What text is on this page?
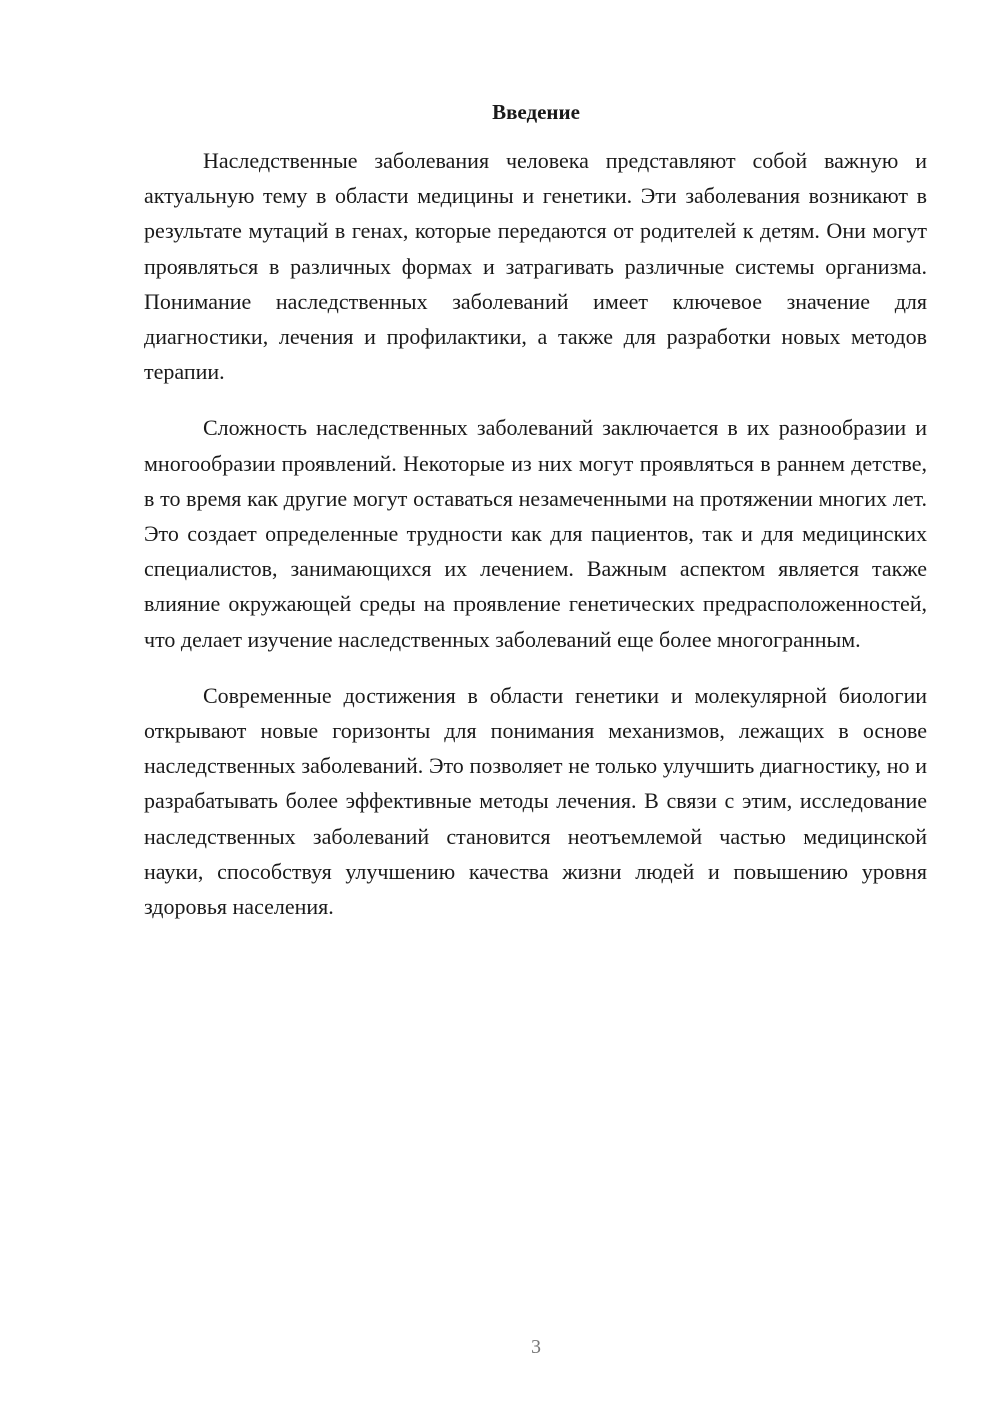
Введение

Наследственные заболевания человека представляют собой важную и актуальную тему в области медицины и генетики. Эти заболевания возникают в результате мутаций в генах, которые передаются от родителей к детям. Они могут проявляться в различных формах и затрагивать различные системы организма. Понимание наследственных заболеваний имеет ключевое значение для диагностики, лечения и профилактики, а также для разработки новых методов терапии.

Сложность наследственных заболеваний заключается в их разнообразии и многообразии проявлений. Некоторые из них могут проявляться в раннем детстве, в то время как другие могут оставаться незамеченными на протяжении многих лет. Это создает определенные трудности как для пациентов, так и для медицинских специалистов, занимающихся их лечением. Важным аспектом является также влияние окружающей среды на проявление генетических предрасположенностей, что делает изучение наследственных заболеваний еще более многогранным.

Современные достижения в области генетики и молекулярной биологии открывают новые горизонты для понимания механизмов, лежащих в основе наследственных заболеваний. Это позволяет не только улучшить диагностику, но и разрабатывать более эффективные методы лечения. В связи с этим, исследование наследственных заболеваний становится неотъемлемой частью медицинской науки, способствуя улучшению качества жизни людей и повышению уровня здоровья населения.

3
